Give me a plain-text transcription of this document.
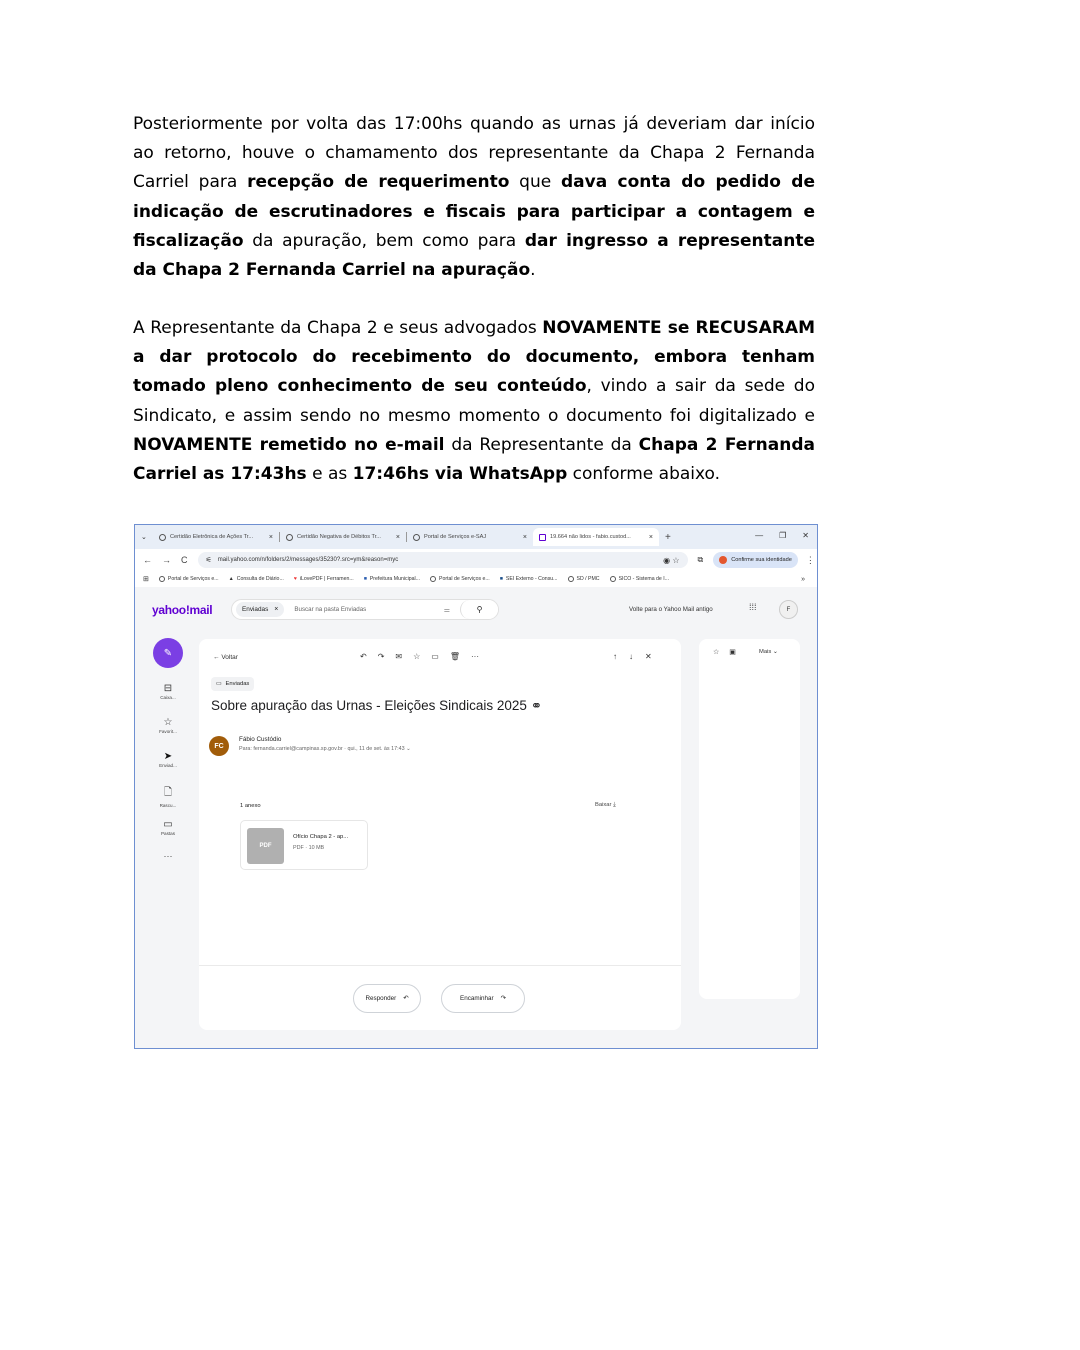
Posteriormente por volta das 17:00hs quando as urnas já deveriam dar início ao retorno, houve o chamamento dos representante da Chapa 2 Fernanda Carriel para recepção de requerimento que dava conta do pedido de indicação de escrutinadores e fiscais para participar a contagem e fiscalização da apuração, bem como para dar ingresso a representante da Chapa 2 Fernanda Carriel na apuração.
A Representante da Chapa 2 e seus advogados NOVAMENTE se RECUSARAM a dar protocolo do recebimento do documento, embora tenham tomado pleno conhecimento de seu conteúdo, vindo a sair da sede do Sindicato, e assim sendo no mesmo momento o documento foi digitalizado e NOVAMENTE remetido no e-mail da Representante da Chapa 2 Fernanda Carriel as 17:43hs e as 17:46hs via WhatsApp conforme abaixo.
⌄	Certidão Eletrônica de Ações Tr... ×	Certidão Negativa de Débitos Tr... ×	Portal de Serviços e-SAJ	×	19.664 não lidos - fabio.custod...	× +	— ❐ ✕
← → C	⚟ mail.yahoo.com/n/folders/2/messages/35230?.src=ym&reason=myc	◉ ☆ ⧉	Confirme sua identidade ⋮
⊞	Portal de Serviços e... ▲ Consulta de Diário... ♥ iLovePDF | Ferramen... ■ Prefeitura Municipal...	Portal de Serviços e... ■ SEI Externo - Consu...	SD / PMC	SICO - Sistema de I...	»
yahoo!mail	Enviadas ×	Buscar na pasta Enviadas	⚌	⚲	Volte para o Yahoo Mail antigo	⁞⁞⁞	F
✎
⊟
Caixa...
☆
Favorit...
➤
Enviad...
🗋
Rascu...
▭
Pastas
···
← Voltar	↶ ↷ ✉ ☆ ▭ 🗑 ···	↑ ↓ ✕
▭ Enviadas
Sobre apuração das Urnas - Eleições Sindicais 2025 ⚭
FC
Fábio Custódio
Para: fernanda.carriel@campinas.sp.gov.br · qui., 11 de set. às 17:43 ⌄
1 anexo	Baixar ⤓
PDF
Ofício Chapa 2 - ap...
PDF · 10 MB
Responder ↶	Encaminhar ↷
☆ ▣	Mais ⌄
